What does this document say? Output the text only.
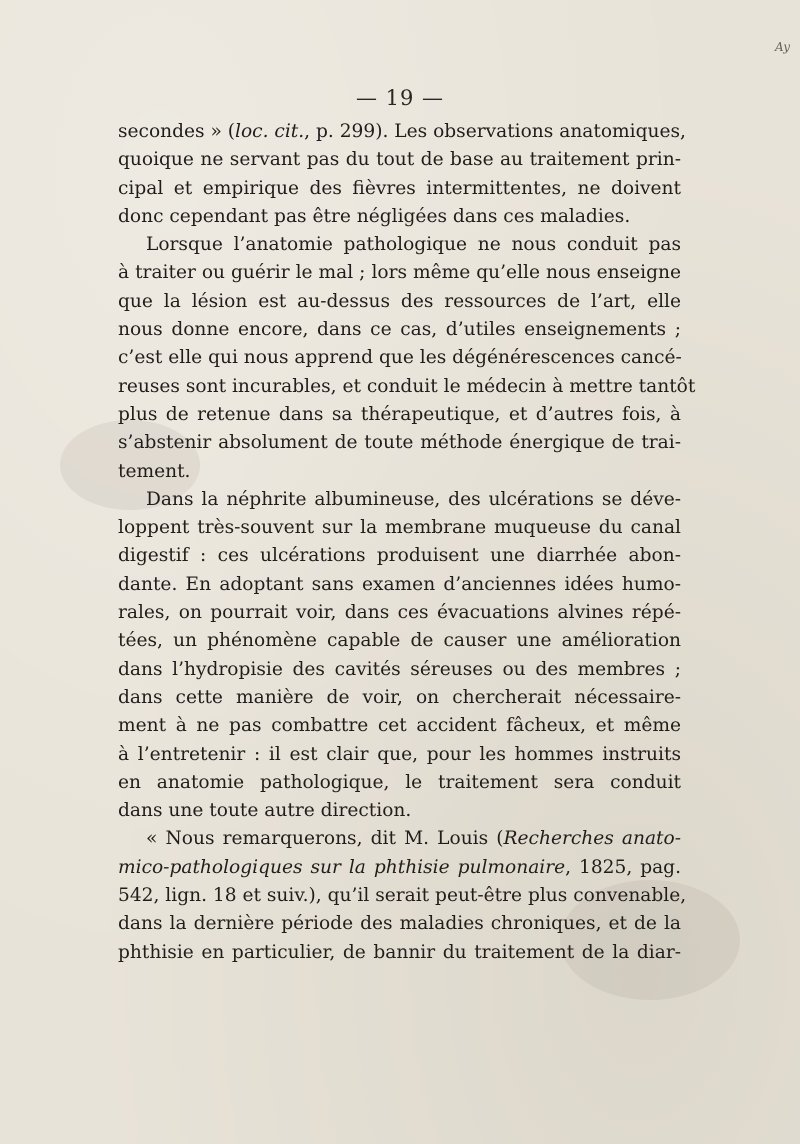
Ay
— 19 —
secondes » (loc. cit., p. 299). Les observations anatomiques,
quoique ne servant pas du tout de base au traitement prin-
cipal et empirique des fièvres intermittentes, ne doivent
donc cependant pas être négligées dans ces maladies.
Lorsque l’anatomie pathologique ne nous conduit pas
à traiter ou guérir le mal ; lors même qu’elle nous enseigne
que la lésion est au-dessus des ressources de l’art, elle
nous donne encore, dans ce cas, d’utiles enseignements ;
c’est elle qui nous apprend que les dégénérescences cancé-
reuses sont incurables, et conduit le médecin à mettre tantôt
plus de retenue dans sa thérapeutique, et d’autres fois, à
s’abstenir absolument de toute méthode énergique de trai-
tement.
Dans la néphrite albumineuse, des ulcérations se déve-
loppent très-souvent sur la membrane muqueuse du canal
digestif : ces ulcérations produisent une diarrhée abon-
dante. En adoptant sans examen d’anciennes idées humo-
rales, on pourrait voir, dans ces évacuations alvines répé-
tées, un phénomène capable de causer une amélioration
dans l’hydropisie des cavités séreuses ou des membres ;
dans cette manière de voir, on chercherait nécessaire-
ment à ne pas combattre cet accident fâcheux, et même
à l’entretenir : il est clair que, pour les hommes instruits
en anatomie pathologique, le traitement sera conduit
dans une toute autre direction.
« Nous remarquerons, dit M. Louis (Recherches anato-
mico-pathologiques sur la phthisie pulmonaire, 1825, pag.
542, lign. 18 et suiv.), qu’il serait peut-être plus convenable,
dans la dernière période des maladies chroniques, et de la
phthisie en particulier, de bannir du traitement de la diar-
